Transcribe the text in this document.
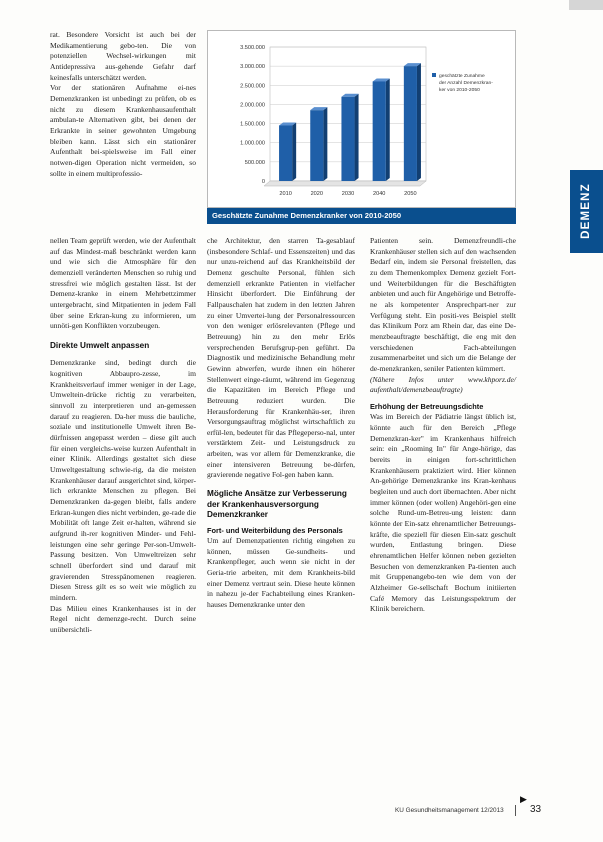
rat. Besondere Vorsicht ist auch bei der Medikamentierung gebo-ten. Die von potenziellen Wechsel-wirkungen mit Antidepressiva aus-gehende Gefahr darf keinesfalls unterschätzt werden.

Vor der stationären Aufnahme ei-nes Demenzkranken ist unbedingt zu prüfen, ob es nicht zu diesem Krankenhausaufenthalt ambulan-te Alternativen gibt, bei denen der Erkrankte in seiner gewohnten Umgebung bleiben kann. Lässt sich ein stationärer Aufenthalt bei-spielsweise im Fall einer notwen-digen Operation nicht vermeiden, so sollte in einem multiprofessio-

nellen Team geprüft werden, wie der Aufenthalt auf das Mindest-maß beschränkt werden kann und wie sich die Atmosphäre für den demenziell veränderten Menschen so ruhig und stressfrei wie möglich gestalten lässt. Ist der Demenz-kranke in einem Mehrbettzimmer untergebracht, sind Mitpatienten in jedem Fall über seine Erkran-kung zu informieren, um unnöti-gen Konflikten vorzubeugen.

Direkte Umwelt anpassen

Demenzkranke sind, bedingt durch die kognitiven Abbaupro-zesse, im Krankheitsverlauf immer weniger in der Lage, Umweltein-drücke richtig zu verarbeiten, sinnvoll zu interpretieren und an-gemessen darauf zu reagieren. Da-her muss die bauliche, soziale und institutionelle Umwelt ihren Be-dürfnissen angepasst werden – diese gilt auch für einen vergleichs-weise kurzen Aufenthalt in einer Klinik. Allerdings gestaltet sich diese Umweltgestaltung schwie-rig, da die meisten Krankenhäuser darauf ausgerichtet sind, körper-lich erkrankte Menschen zu pflegen. Bei Demenzkranken da-gegen bleibt, falls andere Erkran-kungen dies nicht verbinden, ge-rade die Mobilität oft lange Zeit er-halten, während sie aufgrund ih-rer kognitiven Minder- und Fehl-leistungen eine sehr geringe Per-son-Umwelt-Passung besitzen. Von Umweltreizen sehr schnell überfordert sind und darauf mit gravierenden Stresspänomenen reagieren. Diesen Stress gilt es so weit wie möglich zu mindern.

Das Milieu eines Krankenhauses ist in der Regel nicht demenzge-recht. Durch seine unübersichtli-

0
500.000
1.000.000
1.500.000
2.000.000
2.500.000
3.000.000
3.500.000
2010	2020	2030	2040	2050
geschätzte Zunahme
der Anzahl Demenzkran-
ker von 2010-2050
Geschätzte Zunahme Demenzkranker von 2010-2050

che Architektur, den starren Ta-gesablauf (insbesondere Schlaf- und Essenszeiten) und das nur unzu-reichend auf das Krankheitsbild der Demenz geschulte Personal, fühlen sich demenziell erkrankte Patienten in vielfacher Hinsicht überfordert. Die Einführung der Fallpauschalen hat zudem in den letzten Jahren zu einer Umvertei-lung der Personalressourcen von den weniger erlösrelevanten (Pflege und Betreuung) hin zu den mehr Erlös versprechenden Berufsgrup-pen geführt. Da Diagnostik und medizinische Behandlung mehr Gewinn abwerfen, wurde ihnen ein höherer Stellenwert einge-räumt, während im Gegenzug die Kapazitäten im Bereich Pflege und Betreuung reduziert wurden. Die Herausforderung für Krankenhäu-ser, ihren Versorgungsauftrag möglichst wirtschaftlich zu erfül-len, bedeutet für das Pflegeperso-nal, unter verstärktem Zeit- und Leistungsdruck zu arbeiten, was vor allem für Demenzkranke, die einer intensiveren Betreuung be-dürfen, gravierende negative Fol-gen haben kann.

Mögliche Ansätze zur Verbesserung der Krankenhausversorgung Demenzkranker
Fort- und Weiterbildung des Personals

Um auf Demenzpatienten richtig eingehen zu können, müssen Ge-sundheits- und Krankenpfleger, auch wenn sie nicht in der Geria-trie arbeiten, mit dem Krankheits-bild einer Demenz vertraut sein. Diese heute können in nahezu je-der Fachabteilung eines Kranken-hauses Demenzkranke unter den

Patienten sein. Demenzfreundli-che Krankenhäuser stellen sich auf den wachsenden Bedarf ein, indem sie Personal freistellen, das zu dem Themenkomplex Demenz gezielt Fort- und Weiterbildungen für die Beschäftigten anbieten und auch für Angehörige und Betroffe-ne als kompetenter Ansprechpart-ner zur Verfügung steht. Ein positi-ves Beispiel stellt das Klinikum Porz am Rhein dar, das eine De-menzbeauftragte beschäftigt, die eng mit den verschiedenen Fach-abteilungen zusammenarbeitet und sich um die Belange der de-menzkranken, seniler Patienten kümmert.

(Nähere Infos unter www.khporz.de/ aufenthalt/demenzbeauftragte)

Erhöhung der Betreuungsdichte

Was im Bereich der Pädiatrie längst üblich ist, könnte auch für den Bereich „Pflege Demenzkran-ker" im Krankenhaus hilfreich sein: ein „Rooming In" für Ange-hörige, das bereits in einigen fort-schrittlichen Krankenhäusern praktiziert wird. Hier können An-gehörige Demenzkranke ins Kran-kenhaus begleiten und auch dort übernachten. Aber nicht immer können (oder wollen) Angehöri-gen eine solche Rund-um-Betreu-ung leisten: dann könnte der Ein-satz ehrenamtlicher Betreuungs-kräfte, die speziell für diesen Ein-satz geschult wurden, Entlastung bringen. Diese ehrenamtlichen Helfer können neben gezielten Besuchen von demenzkranken Pa-tienten auch mit Gruppenangebo-ten wie dem von der Alzheimer Ge-sellschaft Bochum initiierten Café Memory das Leistungsspektrum der Klinik bereichern.

DEMENZ
▶
KU Gesundheitsmanagement 12/2013	33
